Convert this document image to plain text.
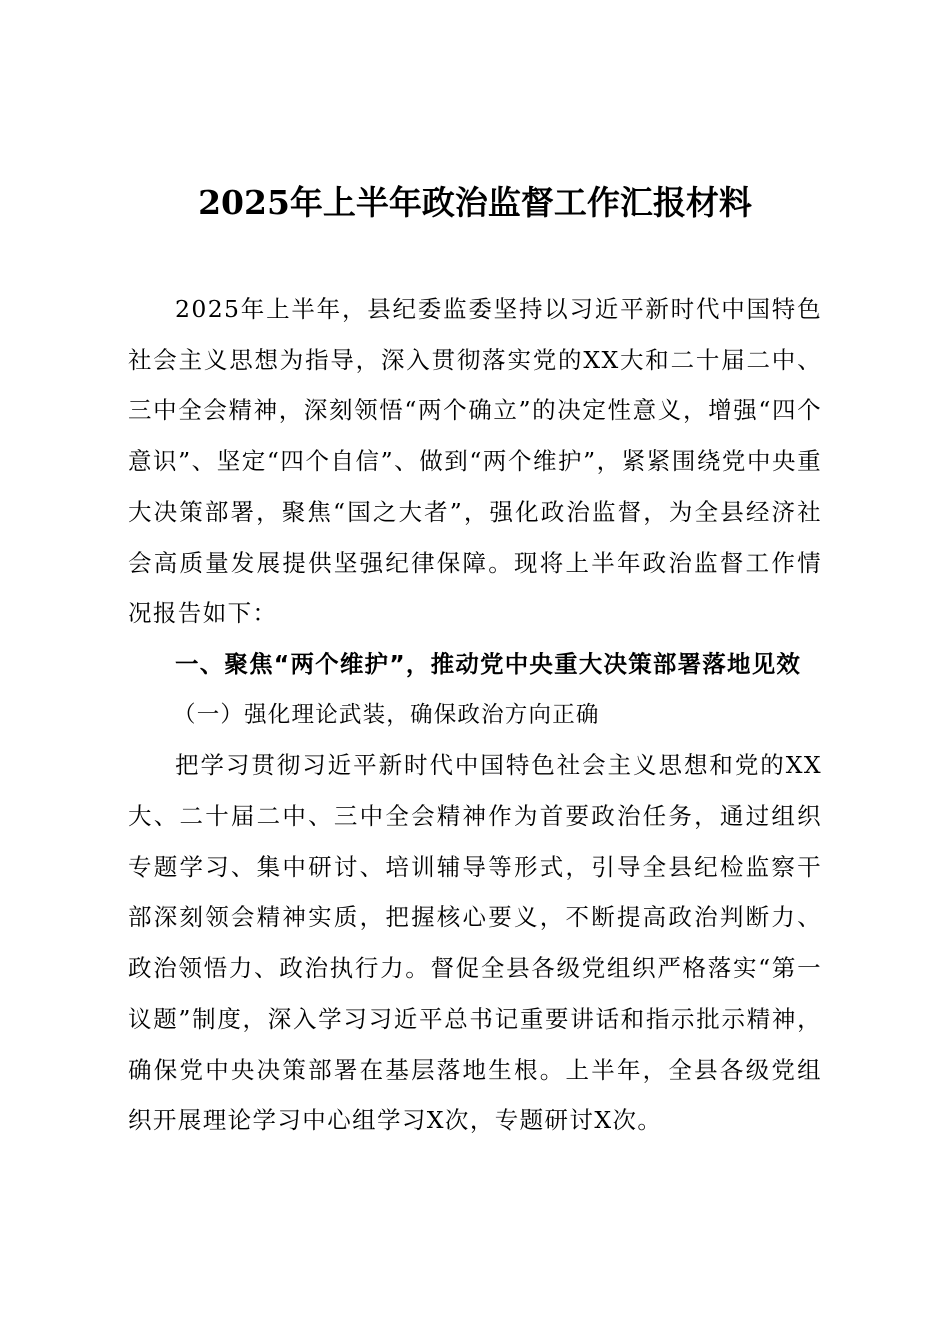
2025年上半年政治监督工作汇报材料

2025年上半年，县纪委监委坚持以习近平新时代中国特色社会主义思想为指导，深入贯彻落实党的XX大和二十届二中、三中全会精神，深刻领悟“两个确立”的决定性意义，增强“四个意识”、坚定“四个自信”、做到“两个维护”，紧紧围绕党中央重大决策部署，聚焦“国之大者”，强化政治监督，为全县经济社会高质量发展提供坚强纪律保障。现将上半年政治监督工作情况报告如下：

一、聚焦“两个维护”，推动党中央重大决策部署落地见效

（一）强化理论武装，确保政治方向正确

把学习贯彻习近平新时代中国特色社会主义思想和党的XX大、二十届二中、三中全会精神作为首要政治任务，通过组织专题学习、集中研讨、培训辅导等形式，引导全县纪检监察干部深刻领会精神实质，把握核心要义，不断提高政治判断力、政治领悟力、政治执行力。督促全县各级党组织严格落实“第一议题”制度，深入学习习近平总书记重要讲话和指示批示精神，确保党中央决策部署在基层落地生根。上半年，全县各级党组织开展理论学习中心组学习X次，专题研讨X次。
